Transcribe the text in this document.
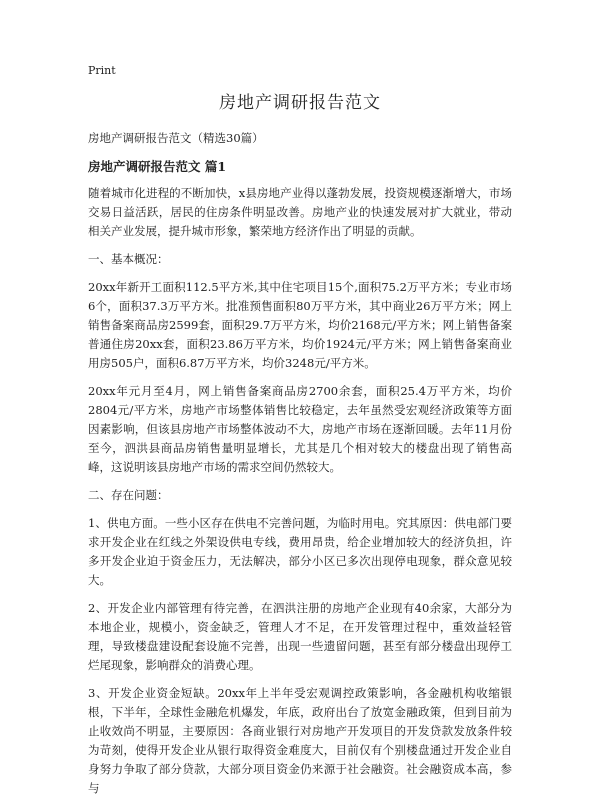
Print
房地产调研报告范文
房地产调研报告范文（精选30篇）
房地产调研报告范文 篇1

随着城市化进程的不断加快，x县房地产业得以蓬勃发展，投资规模逐渐增大，市场交易日益活跃，居民的住房条件明显改善。房地产业的快速发展对扩大就业，带动相关产业发展，提升城市形象，繁荣地方经济作出了明显的贡献。

一、基本概况：

20xx年新开工面积112.5平方米,其中住宅项目15个,面积75.2万平方米；专业市场6个，面积37.3万平方米。批准预售面积80万平方米，其中商业26万平方米；网上销售备案商品房2599套，面积29.7万平方米，均价2168元/平方米；网上销售备案普通住房20xx套，面积23.86万平方米，均价1924元/平方米；网上销售备案商业用房505户，面积6.87万平方米，均价3248元/平方米。

20xx年元月至4月，网上销售备案商品房2700余套，面积25.4万平方米，均价2804元/平方米，房地产市场整体销售比较稳定，去年虽然受宏观经济政策等方面因素影响，但该县房地产市场整体波动不大，房地产市场在逐渐回暖。去年11月份至今，泗洪县商品房销售量明显增长，尤其是几个相对较大的楼盘出现了销售高峰，这说明该县房地产市场的需求空间仍然较大。

二、存在问题：

1、供电方面。一些小区存在供电不完善问题，为临时用电。究其原因：供电部门要求开发企业在红线之外架设供电专线，费用昂贵，给企业增加较大的经济负担，许多开发企业迫于资金压力，无法解决，部分小区已多次出现停电现象，群众意见较大。

2、开发企业内部管理有待完善，在泗洪注册的房地产企业现有40余家，大部分为本地企业，规模小，资金缺乏，管理人才不足，在开发管理过程中，重效益轻管理，导致楼盘建设配套设施不完善，出现一些遗留问题，甚至有部分楼盘出现停工烂尾现象，影响群众的消费心理。

3、开发企业资金短缺。20xx年上半年受宏观调控政策影响，各金融机构收缩银根，下半年，全球性金融危机爆发，年底，政府出台了放宽金融政策，但到目前为止收效尚不明显，主要原因：各商业银行对房地产开发项目的开发贷款发放条件较为苛刻，使得开发企业从银行取得资金难度大，目前仅有个别楼盘通过开发企业自身努力争取了部分贷款，大部分项目资金仍来源于社会融资。社会融资成本高，参与
